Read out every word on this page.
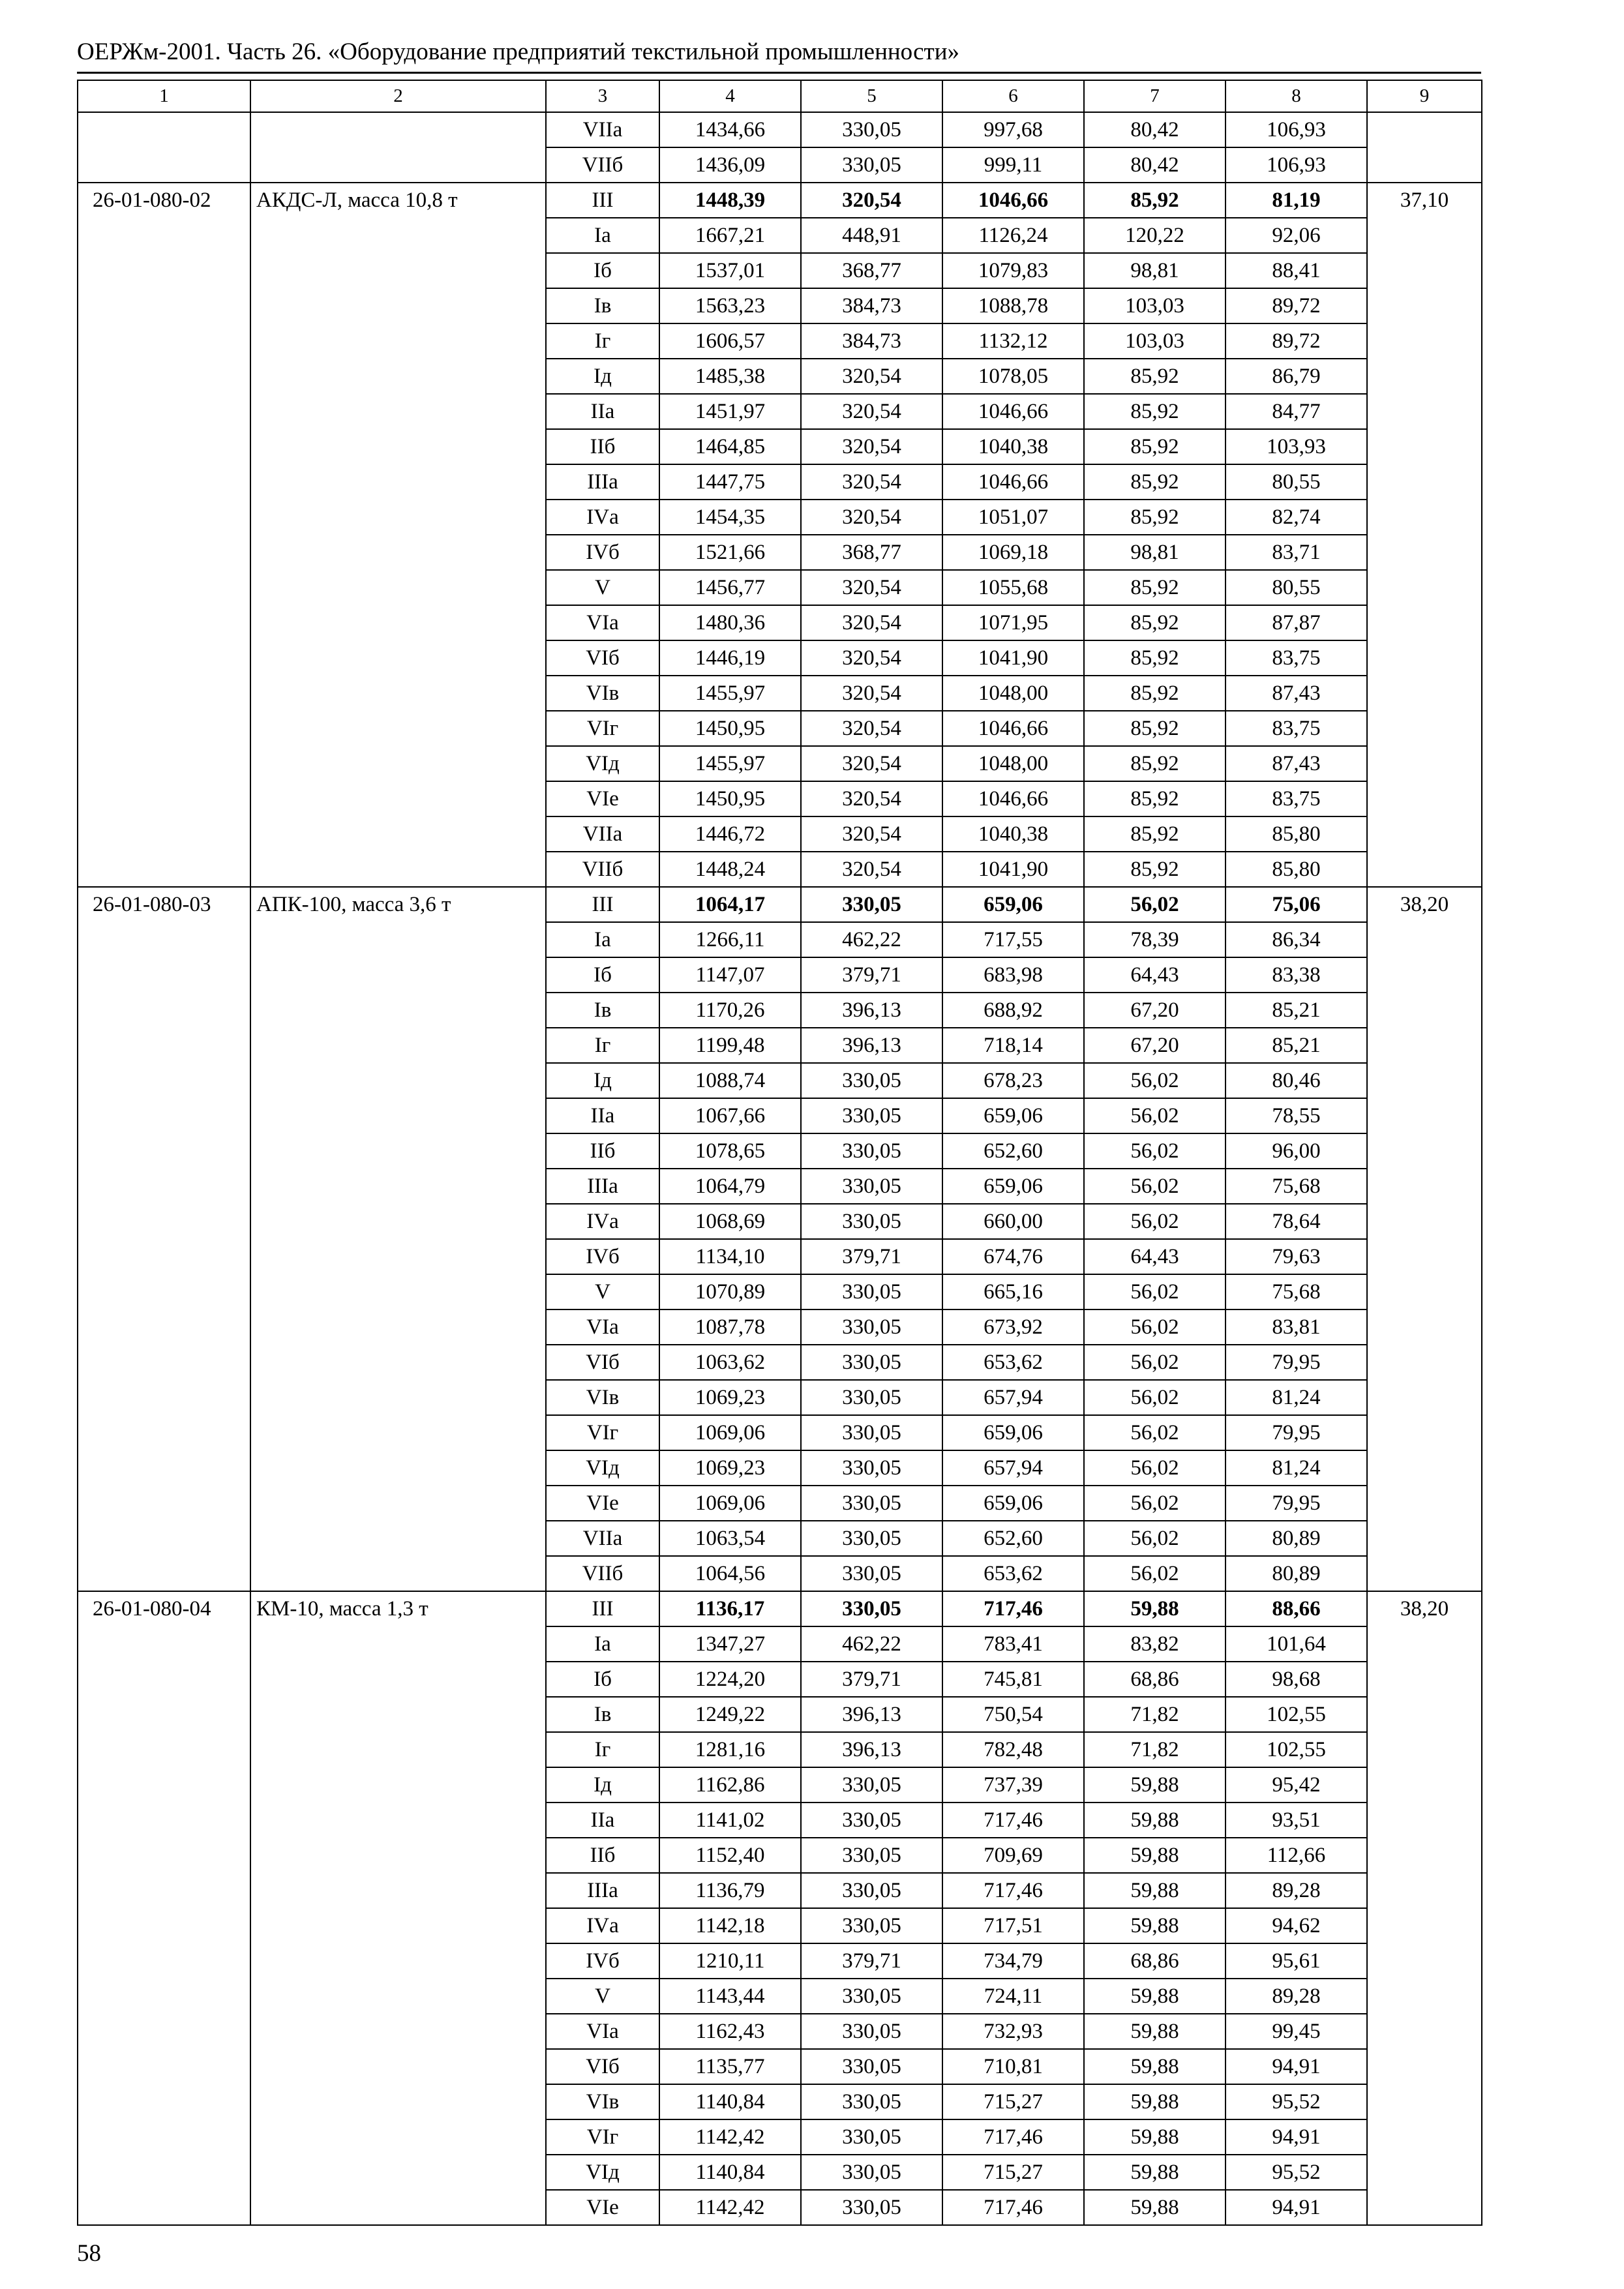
ОЕРЖм-2001. Часть 26. «Оборудование предприятий текстильной промышленности»
1	2	3	4	5	6	7	8	9
		VIIа	1434,66	330,05	997,68	80,42	106,93	
		VIIб	1436,09	330,05	999,11	80,42	106,93	
26-01-080-02	АКДС-Л, масса 10,8 т	III	1448,39	320,54	1046,66	85,92	81,19	37,10
		Iа	1667,21	448,91	1126,24	120,22	92,06	
		Iб	1537,01	368,77	1079,83	98,81	88,41	
		Iв	1563,23	384,73	1088,78	103,03	89,72	
		Iг	1606,57	384,73	1132,12	103,03	89,72	
		Iд	1485,38	320,54	1078,05	85,92	86,79	
		IIа	1451,97	320,54	1046,66	85,92	84,77	
		IIб	1464,85	320,54	1040,38	85,92	103,93	
		IIIа	1447,75	320,54	1046,66	85,92	80,55	
		IVа	1454,35	320,54	1051,07	85,92	82,74	
		IVб	1521,66	368,77	1069,18	98,81	83,71	
		V	1456,77	320,54	1055,68	85,92	80,55	
		VIа	1480,36	320,54	1071,95	85,92	87,87	
		VIб	1446,19	320,54	1041,90	85,92	83,75	
		VIв	1455,97	320,54	1048,00	85,92	87,43	
		VIг	1450,95	320,54	1046,66	85,92	83,75	
		VIд	1455,97	320,54	1048,00	85,92	87,43	
		VIе	1450,95	320,54	1046,66	85,92	83,75	
		VIIа	1446,72	320,54	1040,38	85,92	85,80	
		VIIб	1448,24	320,54	1041,90	85,92	85,80	
26-01-080-03	АПК-100, масса 3,6 т	III	1064,17	330,05	659,06	56,02	75,06	38,20
		Iа	1266,11	462,22	717,55	78,39	86,34	
		Iб	1147,07	379,71	683,98	64,43	83,38	
		Iв	1170,26	396,13	688,92	67,20	85,21	
		Iг	1199,48	396,13	718,14	67,20	85,21	
		Iд	1088,74	330,05	678,23	56,02	80,46	
		IIа	1067,66	330,05	659,06	56,02	78,55	
		IIб	1078,65	330,05	652,60	56,02	96,00	
		IIIа	1064,79	330,05	659,06	56,02	75,68	
		IVа	1068,69	330,05	660,00	56,02	78,64	
		IVб	1134,10	379,71	674,76	64,43	79,63	
		V	1070,89	330,05	665,16	56,02	75,68	
		VIа	1087,78	330,05	673,92	56,02	83,81	
		VIб	1063,62	330,05	653,62	56,02	79,95	
		VIв	1069,23	330,05	657,94	56,02	81,24	
		VIг	1069,06	330,05	659,06	56,02	79,95	
		VIд	1069,23	330,05	657,94	56,02	81,24	
		VIе	1069,06	330,05	659,06	56,02	79,95	
		VIIа	1063,54	330,05	652,60	56,02	80,89	
		VIIб	1064,56	330,05	653,62	56,02	80,89	
26-01-080-04	КМ-10, масса 1,3 т	III	1136,17	330,05	717,46	59,88	88,66	38,20
		Iа	1347,27	462,22	783,41	83,82	101,64	
		Iб	1224,20	379,71	745,81	68,86	98,68	
		Iв	1249,22	396,13	750,54	71,82	102,55	
		Iг	1281,16	396,13	782,48	71,82	102,55	
		Iд	1162,86	330,05	737,39	59,88	95,42	
		IIа	1141,02	330,05	717,46	59,88	93,51	
		IIб	1152,40	330,05	709,69	59,88	112,66	
		IIIа	1136,79	330,05	717,46	59,88	89,28	
		IVа	1142,18	330,05	717,51	59,88	94,62	
		IVб	1210,11	379,71	734,79	68,86	95,61	
		V	1143,44	330,05	724,11	59,88	89,28	
		VIа	1162,43	330,05	732,93	59,88	99,45	
		VIб	1135,77	330,05	710,81	59,88	94,91	
		VIв	1140,84	330,05	715,27	59,88	95,52	
		VIг	1142,42	330,05	717,46	59,88	94,91	
		VIд	1140,84	330,05	715,27	59,88	95,52	
		VIе	1142,42	330,05	717,46	59,88	94,91	
58
